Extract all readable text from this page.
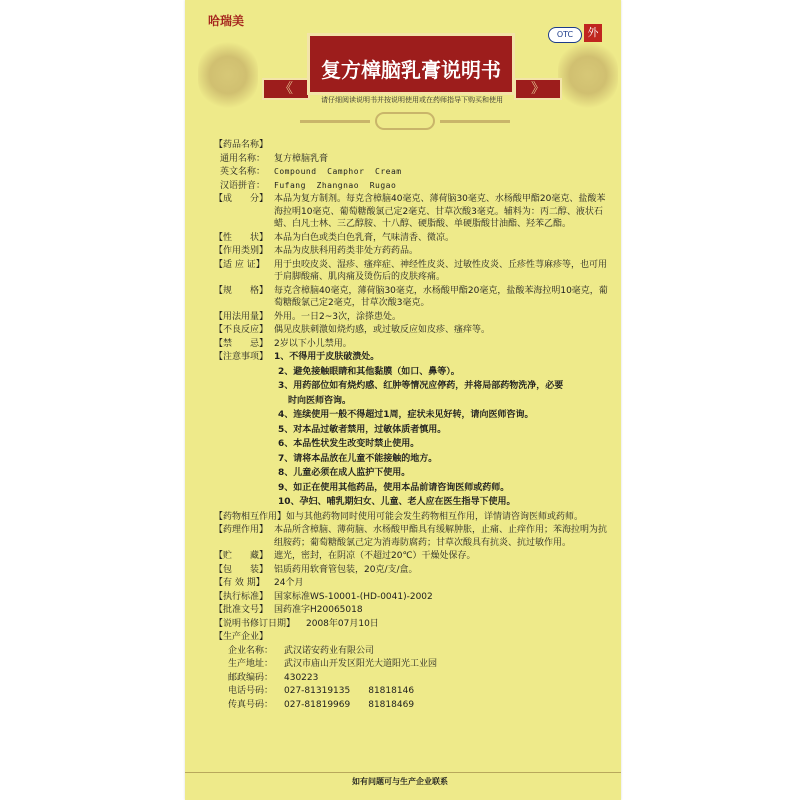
哈瑞美
《	》
复方樟脑乳膏说明书
OTC	外
请仔细阅读说明书并按说明使用或在药师指导下购买和使用
【药品名称】
通用名称： 复方樟脑乳膏
英文名称：	Compound  Camphor  Cream
汉语拼音：	Fufang  Zhangnao  Rugao
【成　　分】 本品为复方制剂。每克含樟脑40毫克、薄荷脑30毫克、水杨酸甲酯20毫克、盐酸苯海拉明10毫克、葡萄糖酸氯己定2毫克、甘草次酸3毫克。辅料为：丙二醇、液状石蜡、白凡士林、三乙醇胺、十八醇、硬脂酸、单硬脂酸甘油酯、羟苯乙酯。
【性　　状】 本品为白色或类白色乳膏，气味清香、微凉。
【作用类别】 本品为皮肤科用药类非处方药药品。
【适 应 证】	用于虫咬皮炎、湿疹、瘙痒症、神经性皮炎、过敏性皮炎、丘疹性荨麻疹等，也可用于肩脚酸痛、肌肉痛及烫伤后的皮肤疼痛。
【规　　格】 每克含樟脑40毫克，薄荷脑30毫克，水杨酸甲酯20毫克，盐酸苯海拉明10毫克，葡萄糖酸氯己定2毫克，甘草次酸3毫克。
【用法用量】 外用。一日2~3次，涂搽患处。
【不良反应】 偶见皮肤刺激如烧灼感，或过敏反应如皮疹、瘙痒等。
【禁　　忌】 2岁以下小儿禁用。
【注意事项】 1、不得用于皮肤破溃处。
2、避免接触眼睛和其他黏膜（如口、鼻等）。
3、用药部位如有烧灼感、红肿等情况应停药，并将局部药物洗净，必要
时向医师咨询。
4、连续使用一般不得超过1周，症状未见好转，请向医师咨询。
5、对本品过敏者禁用，过敏体质者慎用。
6、本品性状发生改变时禁止使用。
7、请将本品放在儿童不能接触的地方。
8、儿童必须在成人监护下使用。
9、如正在使用其他药品，使用本品前请咨询医师或药师。
10、孕妇、哺乳期妇女、儿童、老人应在医生指导下使用。
【药物相互作用】 如与其他药物同时使用可能会发生药物相互作用，详情请咨询医师或药师。
【药理作用】 本品所含樟脑、薄荷脑、水杨酸甲酯具有缓解肿胀，止痛、止痒作用；苯海拉明为抗组胺药；葡萄糖酸氯己定为消毒防腐药；甘草次酸具有抗炎、抗过敏作用。
【贮　　藏】 遮光，密封，在阴凉（不超过20℃）干燥处保存。
【包　　装】 铝质药用软膏管包装，20克/支/盒。
【有 效 期】	24个月
【执行标准】 国家标准WS-10001-(HD-0041)-2002
【批准文号】 国药准字H20065018
【说明书修订日期】	2008年07月10日
【生产企业】
企业名称：	武汉诺安药业有限公司
生产地址：	武汉市庙山开发区阳光大道阳光工业园
邮政编码：	430223
电话号码：	027-81319135　　81818146
传真号码：	027-81819969　　81818469
如有问题可与生产企业联系
